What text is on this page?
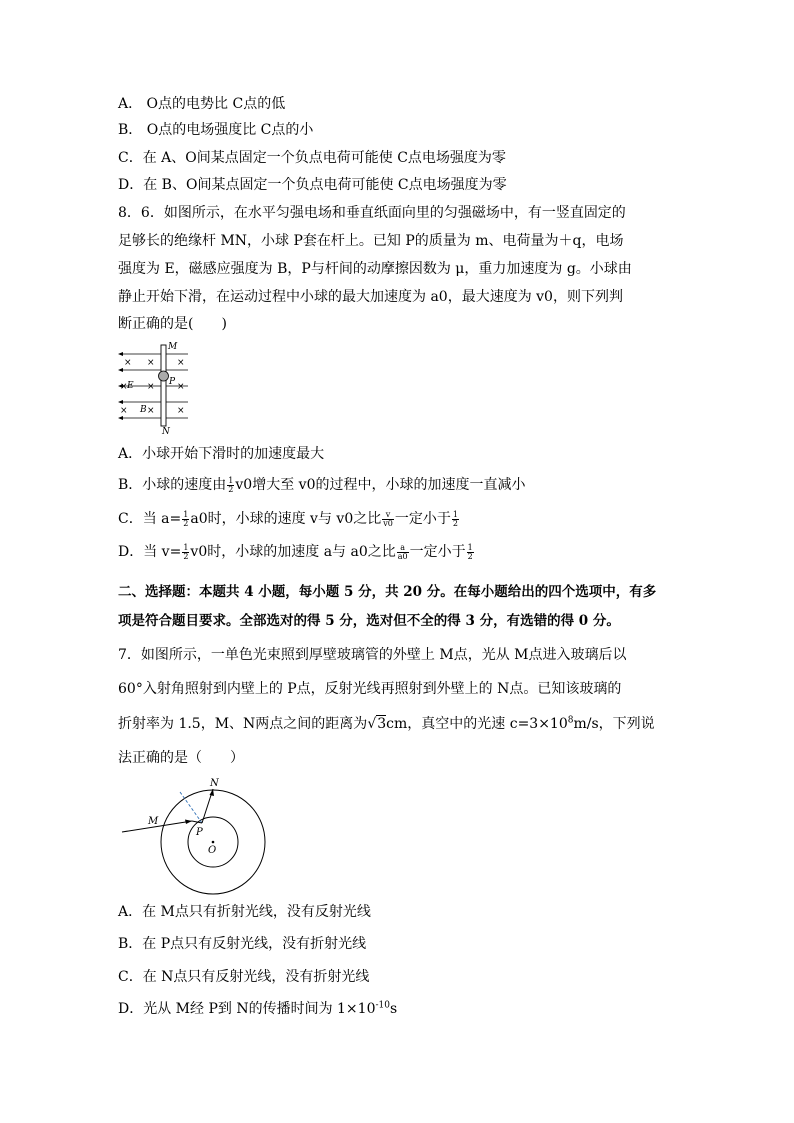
A． O点的电势比 C点的低
B． O点的电场强度比 C点的小
C．在 A、O间某点固定一个负点电荷可能使 C点电场强度为零
D．在 B、O间某点固定一个负点电荷可能使 C点电场强度为零
8．6．如图所示，在水平匀强电场和垂直纸面向里的匀强磁场中，有一竖直固定的
足够长的绝缘杆 MN，小球 P套在杆上。已知 P的质量为 m、电荷量为＋q，电场
强度为 E，磁感应强度为 B，P与杆间的动摩擦因数为 μ，重力加速度为 g。小球由
静止开始下滑，在运动过程中小球的最大加速度为 a0，最大速度为 v0，则下列判
断正确的是(　　)
× × ×
× ×
×
× × ×
M
N
E
B
P
A．小球开始下滑时的加速度最大
B．小球的速度由 $\frac{1}{2} v0$增大至 v0的过程中，小球的加速度一直减小
C．当 $a= \frac{1}{2} a0$时，小球的速度 v与 v0之比 $\frac{v}{v0}$ 一定小于 $\frac{1}{2}$
D．当 $v= \frac{1}{2} v0$时，小球的加速度 a与 a0之比 $\frac{a}{a0}$ 一定小于 $\frac{1}{2}$
二、选择题：本题共 4 小题，每小题 5 分，共 20 分。在每小题给出的四个选项中，有多
项是符合题目要求。全部选对的得 5 分，选对但不全的得 3 分，有选错的得 0 分。
7．如图所示，一单色光束照到厚壁玻璃管的外壁上 M点，光从 M点进入玻璃后以
60°入射角照射到内壁上的 P点，反射光线再照射到外壁上的 N点。已知该玻璃的
折射率为 1.5，M、N两点之间的距离为√3cm，真空中的光速 $c=3\times 10^8m/s$，下列说
法正确的是（　　）
M
N
P
O
A．在 M点只有折射光线，没有反射光线
B．在 P点只有反射光线，没有折射光线
C．在 N点只有反射光线，没有折射光线
D．光从 M经 P到 N的传播时间为 $1\times 10^{-10}s$
